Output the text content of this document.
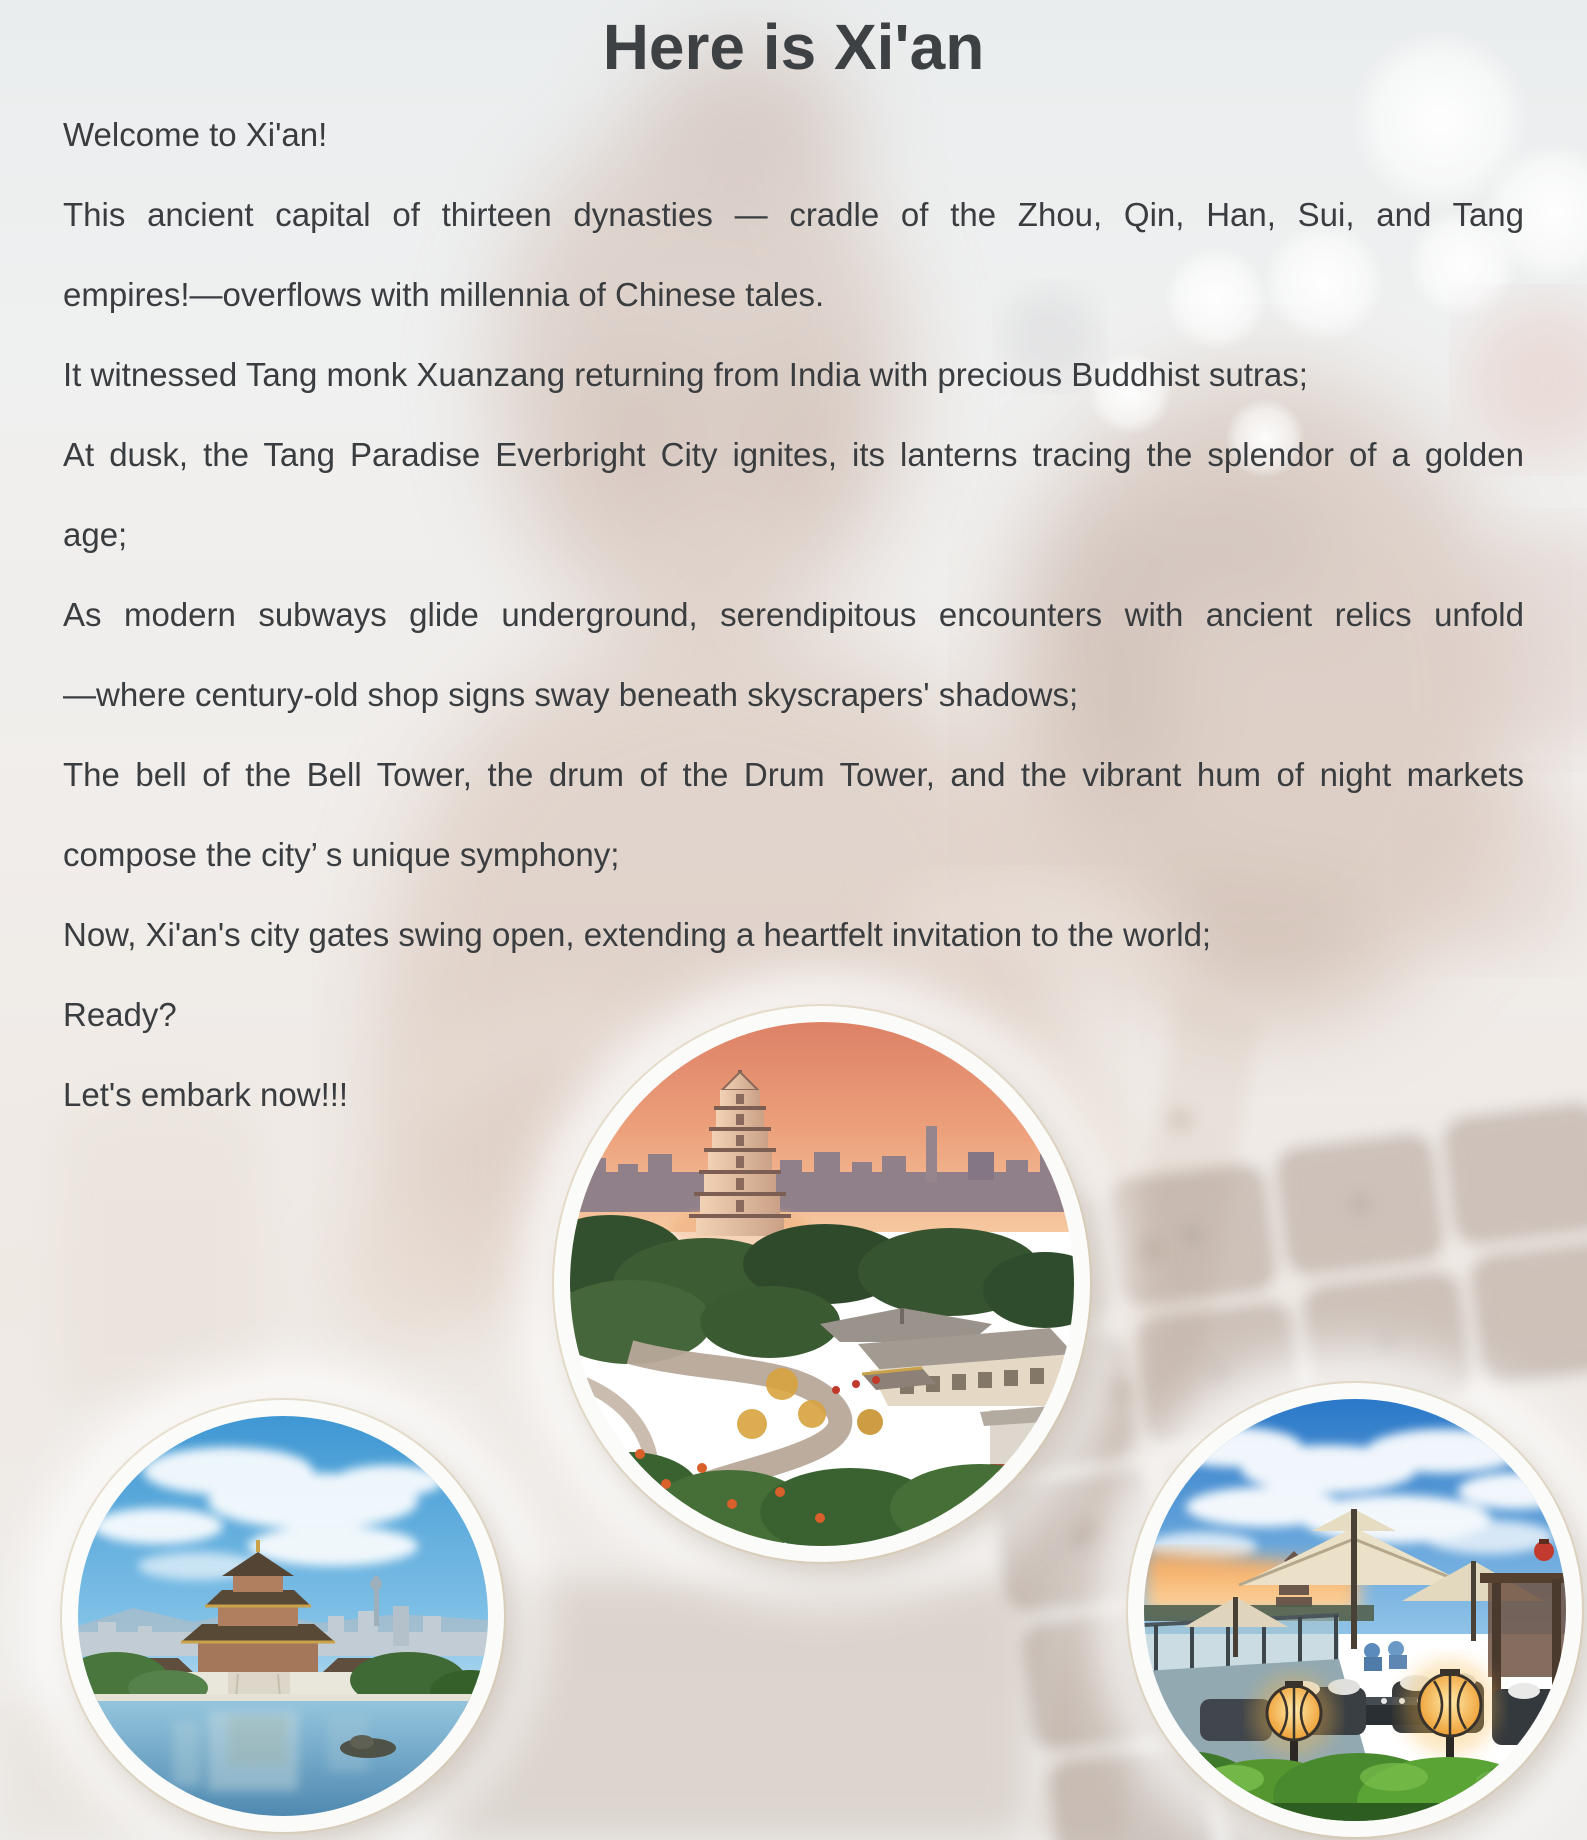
Here is Xi'an
Welcome to Xi'an!
This ancient capital of thirteen dynasties — cradle of the Zhou, Qin, Han, Sui, and Tang
empires!—overflows with millennia of Chinese tales.
It witnessed Tang monk Xuanzang returning from India with precious Buddhist sutras;
At dusk, the Tang Paradise Everbright City ignites, its lanterns tracing the splendor of a golden
age;
As modern subways glide underground, serendipitous encounters with ancient relics unfold
—where century-old shop signs sway beneath skyscrapers' shadows;
The bell of the Bell Tower, the drum of the Drum Tower, and the vibrant hum of night markets
compose the city’ s unique symphony;
Now, Xi'an's city gates swing open, extending a heartfelt invitation to the world;
Ready?
Let's embark now!!!
